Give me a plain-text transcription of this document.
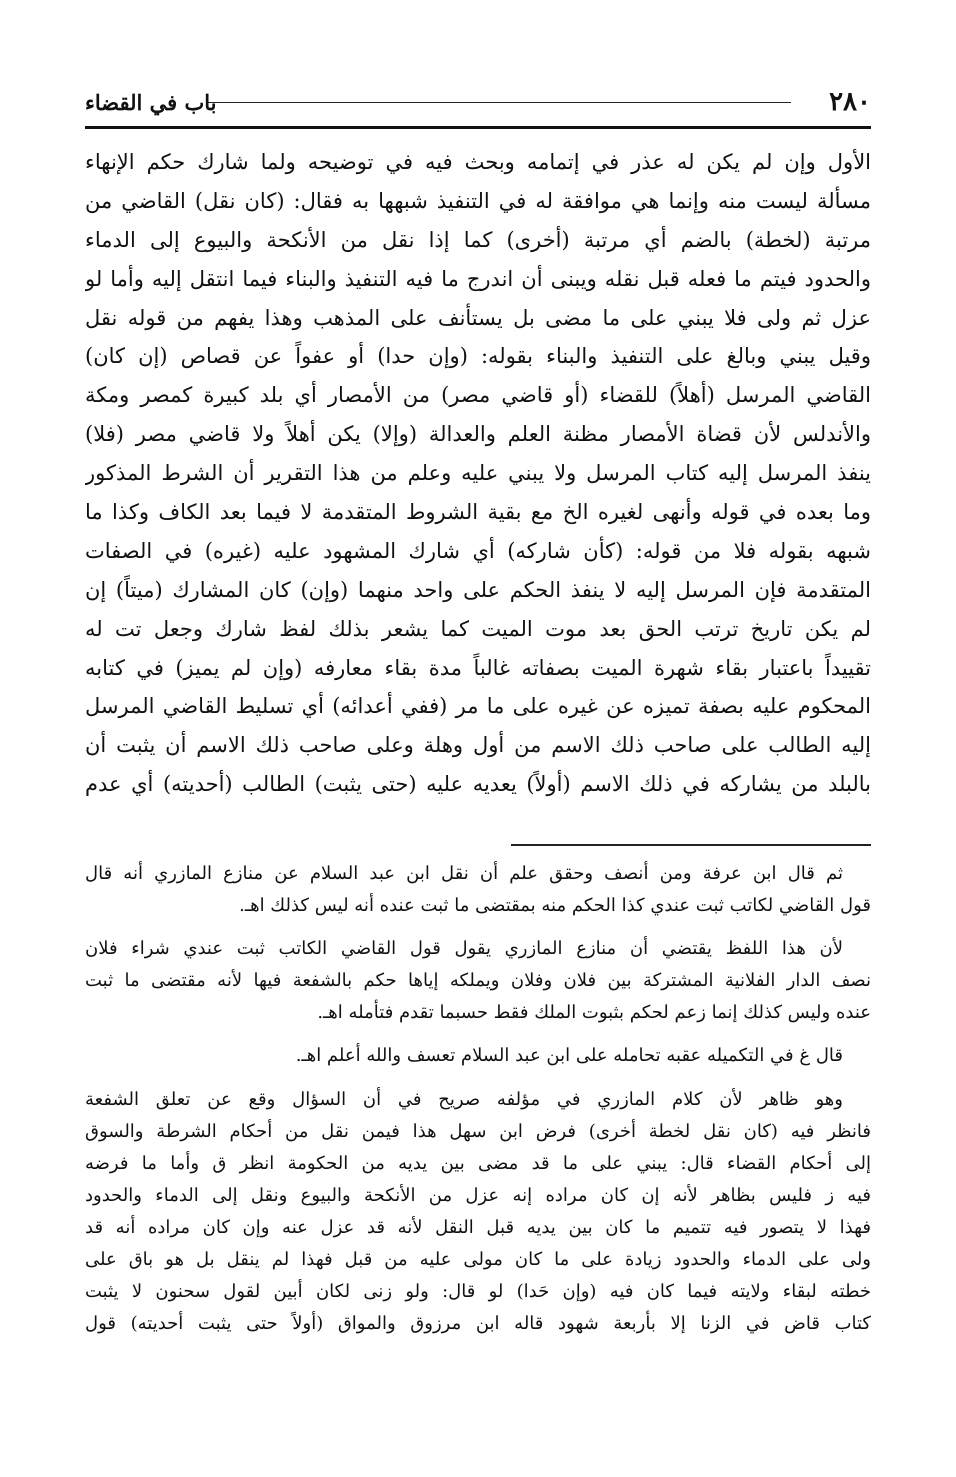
٢٨٠
باب في القضاء
الأول وإن لم يكن له عذر في إتمامه وبحث فيه في توضيحه ولما شارك حكم الإنهاء
مسألة ليست منه وإنما هي موافقة له في التنفيذ شبهها به فقال: (كان نقل) القاضي من
مرتبة (لخطة) بالضم أي مرتبة (أخرى) كما إذا نقل من الأنكحة والبيوع إلى الدماء
والحدود فيتم ما فعله قبل نقله ويبنى أن اندرج ما فيه التنفيذ والبناء فيما انتقل إليه وأما لو
عزل ثم ولى فلا يبني على ما مضى بل يستأنف على المذهب وهذا يفهم من قوله نقل
وقيل يبني وبالغ على التنفيذ والبناء بقوله: (وإن حدا) أو عفواً عن قصاص (إن كان)
القاضي المرسل (أهلاً) للقضاء (أو قاضي مصر) من الأمصار أي بلد كبيرة كمصر ومكة
والأندلس لأن قضاة الأمصار مظنة العلم والعدالة (وإلا) يكن أهلاً ولا قاضي مصر (فلا)
ينفذ المرسل إليه كتاب المرسل ولا يبني عليه وعلم من هذا التقرير أن الشرط المذكور
وما بعده في قوله وأنهى لغيره الخ مع بقية الشروط المتقدمة لا فيما بعد الكاف وكذا ما
شبهه بقوله فلا من قوله: (كأن شاركه) أي شارك المشهود عليه (غيره) في الصفات
المتقدمة فإن المرسل إليه لا ينفذ الحكم على واحد منهما (وإن) كان المشارك (ميتاً) إن
لم يكن تاريخ ترتب الحق بعد موت الميت كما يشعر بذلك لفظ شارك وجعل تت له
تقييداً باعتبار بقاء شهرة الميت بصفاته غالباً مدة بقاء معارفه (وإن لم يميز) في كتابه
المحكوم عليه بصفة تميزه عن غيره على ما مر (ففي أعدائه) أي تسليط القاضي المرسل
إليه الطالب على صاحب ذلك الاسم من أول وهلة وعلى صاحب ذلك الاسم أن يثبت أن
بالبلد من يشاركه في ذلك الاسم (أولاً) يعديه عليه (حتى يثبت) الطالب (أحديته) أي عدم
ثم قال ابن عرفة ومن أنصف وحقق علم أن نقل ابن عبد السلام عن منازع المازري أنه قال
قول القاضي لكاتب ثبت عندي كذا الحكم منه بمقتضى ما ثبت عنده أنه ليس كذلك اهـ.
لأن هذا اللفظ يقتضي أن منازع المازري يقول قول القاضي الكاتب ثبت عندي شراء فلان
نصف الدار الفلانية المشتركة بين فلان وفلان ويملكه إياها حكم بالشفعة فيها لأنه مقتضى ما ثبت
عنده وليس كذلك إنما زعم لحكم بثبوت الملك فقط حسبما تقدم فتأمله اهـ.
قال غ في التكميله عقبه تحامله على ابن عبد السلام تعسف والله أعلم اهـ.
وهو ظاهر لأن كلام المازري في مؤلفه صريح في أن السؤال وقع عن تعلق الشفعة
فانظر فيه (كان نقل لخطة أخرى) فرض ابن سهل هذا فيمن نقل من أحكام الشرطة والسوق
إلى أحكام القضاء قال: يبني على ما قد مضى بين يديه من الحكومة انظر ق وأما ما فرضه
فيه ز فليس بظاهر لأنه إن كان مراده إنه عزل من الأنكحة والبيوع ونقل إلى الدماء والحدود
فهذا لا يتصور فيه تتميم ما كان بين يديه قبل النقل لأنه قد عزل عنه وإن كان مراده أنه قد
ولى على الدماء والحدود زيادة على ما كان مولى عليه من قبل فهذا لم ينقل بل هو باق على
خطته لبقاء ولايته فيما كان فيه (وإن حَدا) لو قال: ولو زنى لكان أبين لقول سحنون لا يثبت
كتاب قاض في الزنا إلا بأربعة شهود قاله ابن مرزوق والمواق (أولاً حتى يثبت أحديته) قول
